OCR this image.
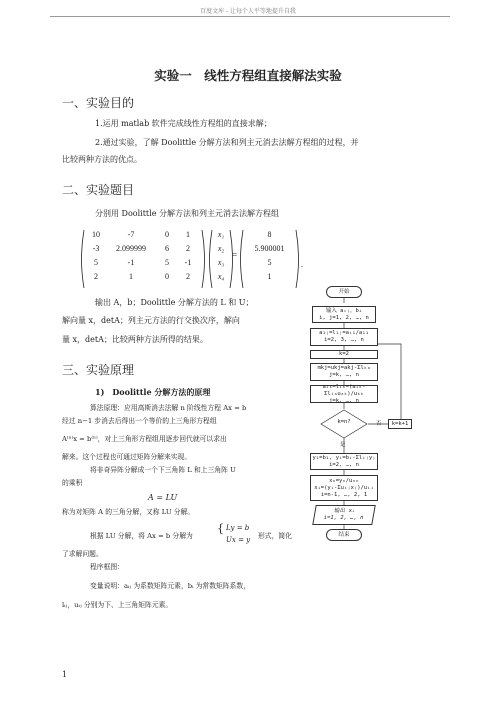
百度文库 - 让每个人平等地提升自我
实验一　线性方程组直接解法实验
一、实验目的
1.运用 matlab 软件完成线性方程组的直接求解；
2.通过实验，了解 Doolittle 分解方法和列主元消去法解方程组的过程，并
比较两种方法的优点。
二、实验题目
分别用 Doolittle 分解方法和列主元消去法解方程组
10	-7	0 1
-3 2.099999 6 2
5	-1	5 -1
2	1	0 2
x₁
x₂
x₃
x₄
=
8
5.900001
5
1
.
输出 A，b；Doolittle 分解方法的 L 和 U；
解向量 x，detA；列主元方法的行交换次序，解向
量 x，detA；比较两种方法所得的结果。
三、实验原理
1)　Doolittle 分解方法的原理
算法原理：应用高斯消去法解 n 阶线性方程 Ax = b
经过 n−1 步消去后得出一个等价的上三角形方程组
A⁽ⁿ⁾x = b⁽ⁿ⁾，对上三角形方程组用逐步回代就可以求出
解来。这个过程也可通过矩阵分解来实现。
将非奇异阵分解成一个下三角阵 L 和上三角阵 U
的乘积
A = LU
称为对矩阵 A 的三角分解，又称 LU 分解。
根据 LU 分解，将 Ax = b 分解为
{ Ly = b
Ux = y 形式，简化
了求解问题。
程序框图：
变量说明：aᵢⱼ 为系数矩阵元素，bᵢ 为常数矩阵系数，
lᵢⱼ，uᵢⱼ 分别为下、上三角矩阵元素。
开始
输入 aᵢⱼ，bᵢ
i, j=1, 2, …, n
a₁ⱼ=l₁ⱼ=aᵢ₁/a₁₁
i=2, 3, …, n
k=2
mkj=ukj=akj-Σlₖₐ
j=k, …, n
aᵢₖ=lᵢₖ=(aᵢₖ-Σlᵢₐuₐₖ)/uₖₖ
j=k, …, n
k=n?	否 k=k+1
是
y₁=b₁, yᵢ=bᵢ-Σlᵢⱼyⱼ
i=2, …, n
xₙ=yₙ/uₙₙ
xᵢ=(yᵢ-Σuᵢⱼxⱼ)/uᵢᵢ
i=n-1, …, 2, 1
输出 xᵢ
i=1, 2, …, n
结束
1
